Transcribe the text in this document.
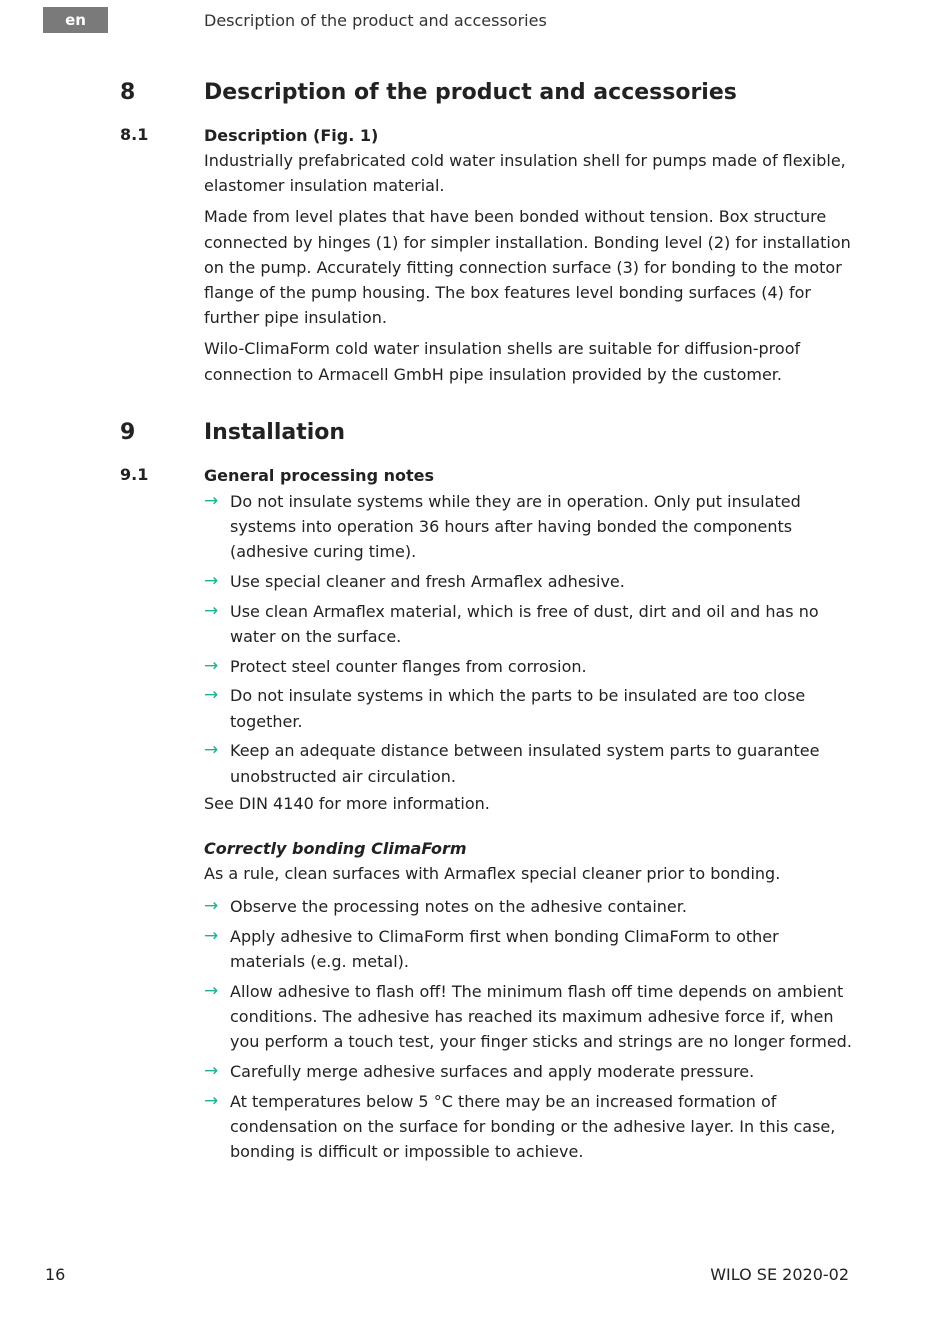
en	Description of the product and accessories
8	Description of the product and accessories
8.1	Description (Fig. 1)

Industrially prefabricated cold water insulation shell for pumps made of flexible, elastomer insulation material.

Made from level plates that have been bonded without tension. Box structure connected by hinges (1) for simpler installation. Bonding level (2) for installation on the pump. Accurately fitting connection surface (3) for bonding to the motor flange of the pump housing. The box features level bonding surfaces (4) for further pipe insulation.

Wilo-ClimaForm cold water insulation shells are suitable for diffusion-proof connection to Armacell GmbH pipe insulation provided by the customer.

9	Installation
9.1	General processing notes
→ Do not insulate systems while they are in operation. Only put insulated systems into operation 36 hours after having bonded the components (adhesive curing time).
→ Use special cleaner and fresh Armaflex adhesive.
→ Use clean Armaflex material, which is free of dust, dirt and oil and has no water on the surface.
→ Protect steel counter flanges from corrosion.
→ Do not insulate systems in which the parts to be insulated are too close together.
→ Keep an adequate distance between insulated system parts to guarantee unobstructed air circulation.

See DIN 4140 for more information.

Correctly bonding ClimaForm

As a rule, clean surfaces with Armaflex special cleaner prior to bonding.

→ Observe the processing notes on the adhesive container.
→ Apply adhesive to ClimaForm first when bonding ClimaForm to other materials (e.g. metal).
→ Allow adhesive to flash off! The minimum flash off time depends on ambient conditions. The adhesive has reached its maximum adhesive force if, when you perform a touch test, your finger sticks and strings are no longer formed.
→ Carefully merge adhesive surfaces and apply moderate pressure.
→ At temperatures below 5 °C there may be an increased formation of condensation on the surface for bonding or the adhesive layer. In this case, bonding is difficult or impossible to achieve.
16	WILO SE 2020-02
